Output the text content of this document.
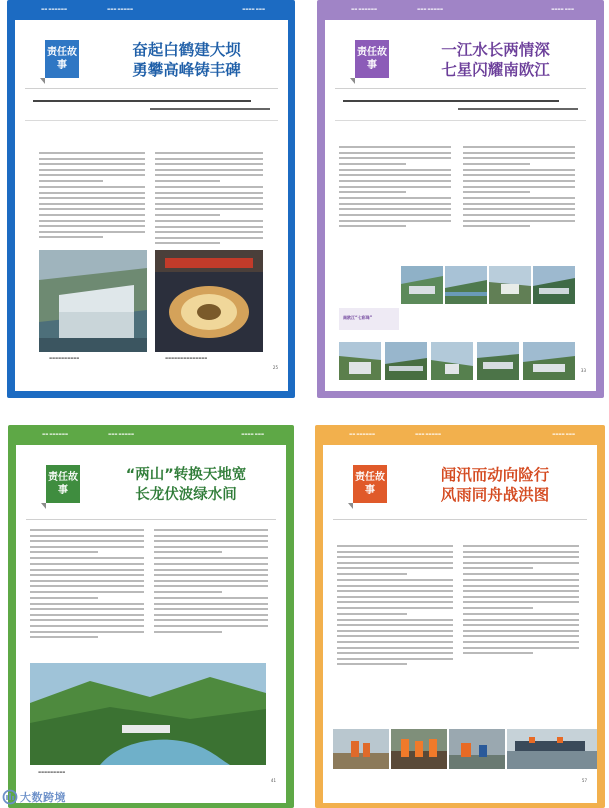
▬▬ ▬▬▬▬▬▬	▬▬▬ ▬▬▬▬▬	▬▬▬▬ ▬▬▬
责任故事
奋起白鹤建大坝
勇攀高峰铸丰碑
▬▬▬▬▬▬▬▬▬▬	▬▬▬▬▬▬▬▬▬▬▬▬▬▬
25
▬▬ ▬▬▬▬▬▬	▬▬▬ ▬▬▬▬▬	▬▬▬▬ ▬▬▬
责任故事
一江水长两情深
七星闪耀南欧江
南欧江“七彩珠”
33
▬▬ ▬▬▬▬▬▬	▬▬▬ ▬▬▬▬▬	▬▬▬▬ ▬▬▬
责任故事
“两山”转换天地宽
长龙伏波绿水间
▬▬▬▬▬▬▬▬▬
41
▬▬ ▬▬▬▬▬▬	▬▬▬ ▬▬▬▬▬	▬▬▬▬ ▬▬▬
责任故事
闻汛而动向险行
风雨同舟战洪图
57
大数跨境
